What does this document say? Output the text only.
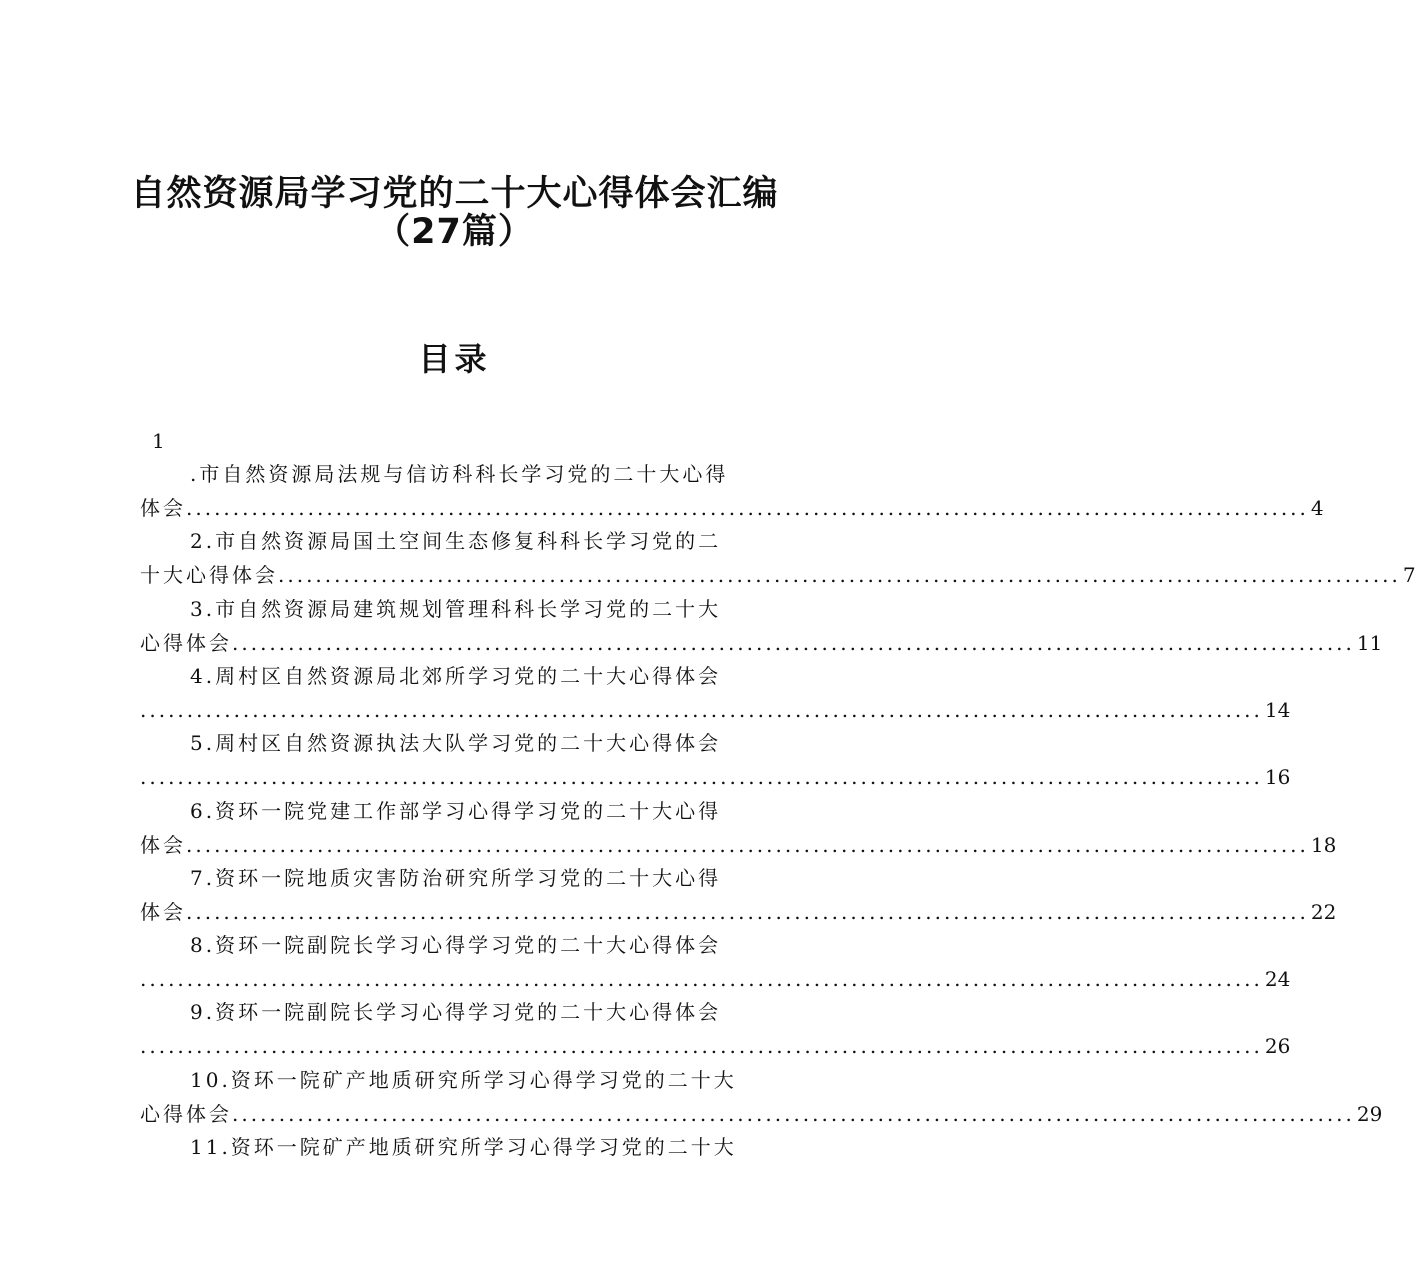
自然资源局学习党的二十大心得体会汇编
（27篇）
目录
1
.市自然资源局法规与信访科科长学习党的二十大心得
体会 ........................................................................................................................ 4
2.市自然资源局国土空间生态修复科科长学习党的二
十大心得体会 ........................................................................................................................ 7
3.市自然资源局建筑规划管理科科长学习党的二十大
心得体会 ........................................................................................................................ 11
4.周村区自然资源局北郊所学习党的二十大心得体会
........................................................................................................................ 14
5.周村区自然资源执法大队学习党的二十大心得体会
........................................................................................................................ 16
6.资环一院党建工作部学习心得学习党的二十大心得
体会 ........................................................................................................................ 18
7.资环一院地质灾害防治研究所学习党的二十大心得
体会 ........................................................................................................................ 22
8.资环一院副院长学习心得学习党的二十大心得体会
........................................................................................................................ 24
9.资环一院副院长学习心得学习党的二十大心得体会
........................................................................................................................ 26
10.资环一院矿产地质研究所学习心得学习党的二十大
心得体会 ........................................................................................................................ 29
11.资环一院矿产地质研究所学习心得学习党的二十大
